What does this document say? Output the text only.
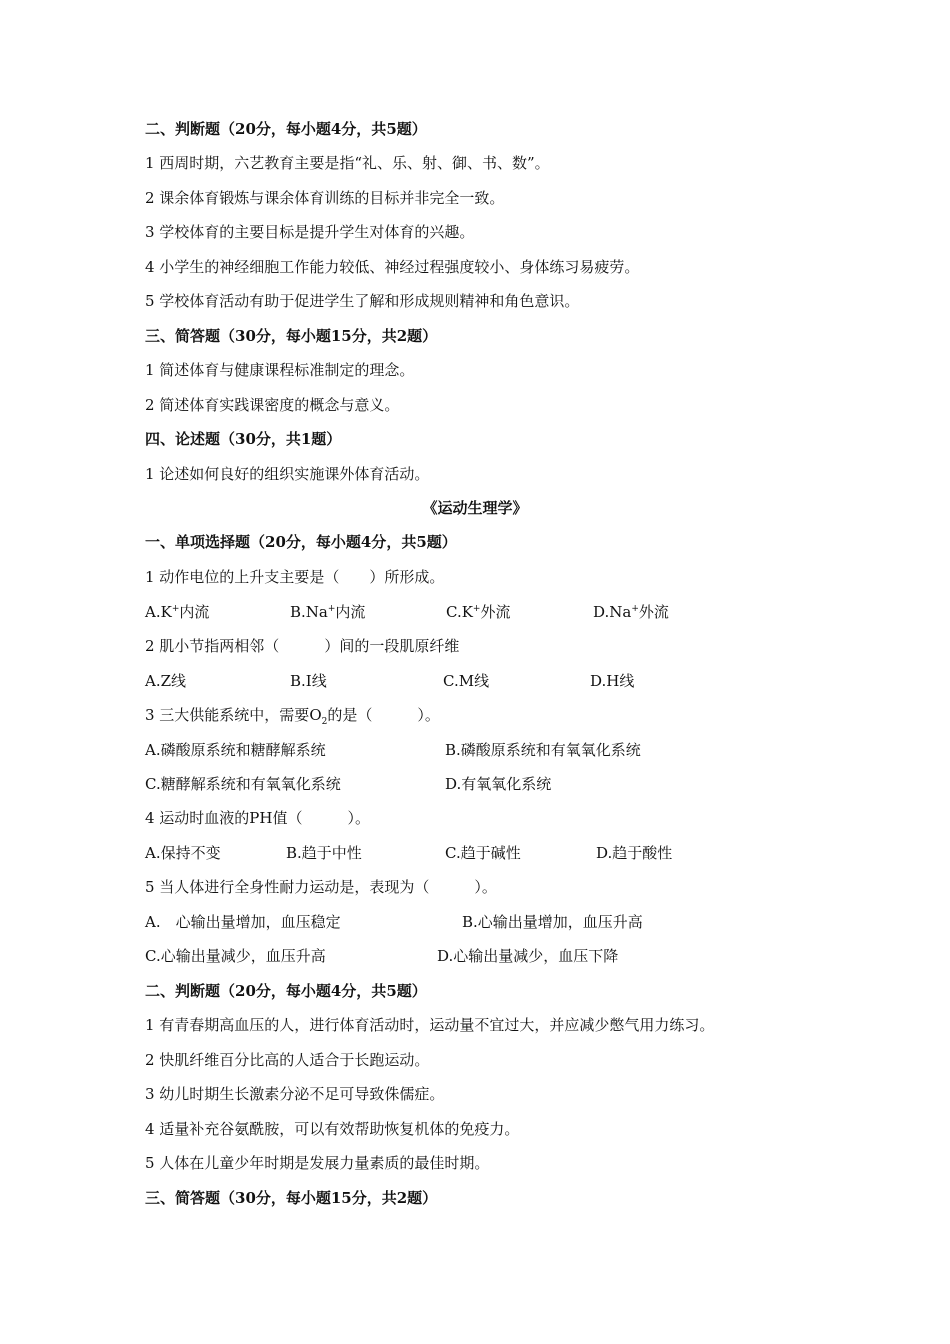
二、判断题（20分，每小题4分，共5题）
1 西周时期，六艺教育主要是指“礼、乐、射、御、书、数”。
2 课余体育锻炼与课余体育训练的目标并非完全一致。
3 学校体育的主要目标是提升学生对体育的兴趣。
4 小学生的神经细胞工作能力较低、神经过程强度较小、身体练习易疲劳。
5 学校体育活动有助于促进学生了解和形成规则精神和角色意识。
三、简答题（30分，每小题15分，共2题）
1 简述体育与健康课程标准制定的理念。
2 简述体育实践课密度的概念与意义。
四、论述题（30分，共1题）
1 论述如何良好的组织实施课外体育活动。
《运动生理学》
一、单项选择题（20分，每小题4分，共5题）
1 动作电位的上升支主要是（　　）所形成。
A.K+内流	B.Na+内流	C.K+外流	D.Na+外流
2 肌小节指两相邻（　　　）间的一段肌原纤维
A.Z线	B.I线	C.M线	D.H线
3 三大供能系统中，需要$O_2$的是（　　　）。
A.磷酸原系统和糖酵解系统	B.磷酸原系统和有氧氧化系统
C.糖酵解系统和有氧氧化系统	D.有氧氧化系统
4 运动时血液的PH值（　　　）。
A.保持不变	B.趋于中性	C.趋于碱性	D.趋于酸性
5 当人体进行全身性耐力运动是，表现为（　　　）。
A.　心输出量增加，血压稳定	B.心输出量增加，血压升高
C.心输出量减少，血压升高	D.心输出量减少，血压下降
二、判断题（20分，每小题4分，共5题）
1 有青春期高血压的人，进行体育活动时，运动量不宜过大，并应减少憋气用力练习。
2 快肌纤维百分比高的人适合于长跑运动。
3 幼儿时期生长激素分泌不足可导致侏儒症。
4 适量补充谷氨酰胺，可以有效帮助恢复机体的免疫力。
5 人体在儿童少年时期是发展力量素质的最佳时期。
三、简答题（30分，每小题15分，共2题）
